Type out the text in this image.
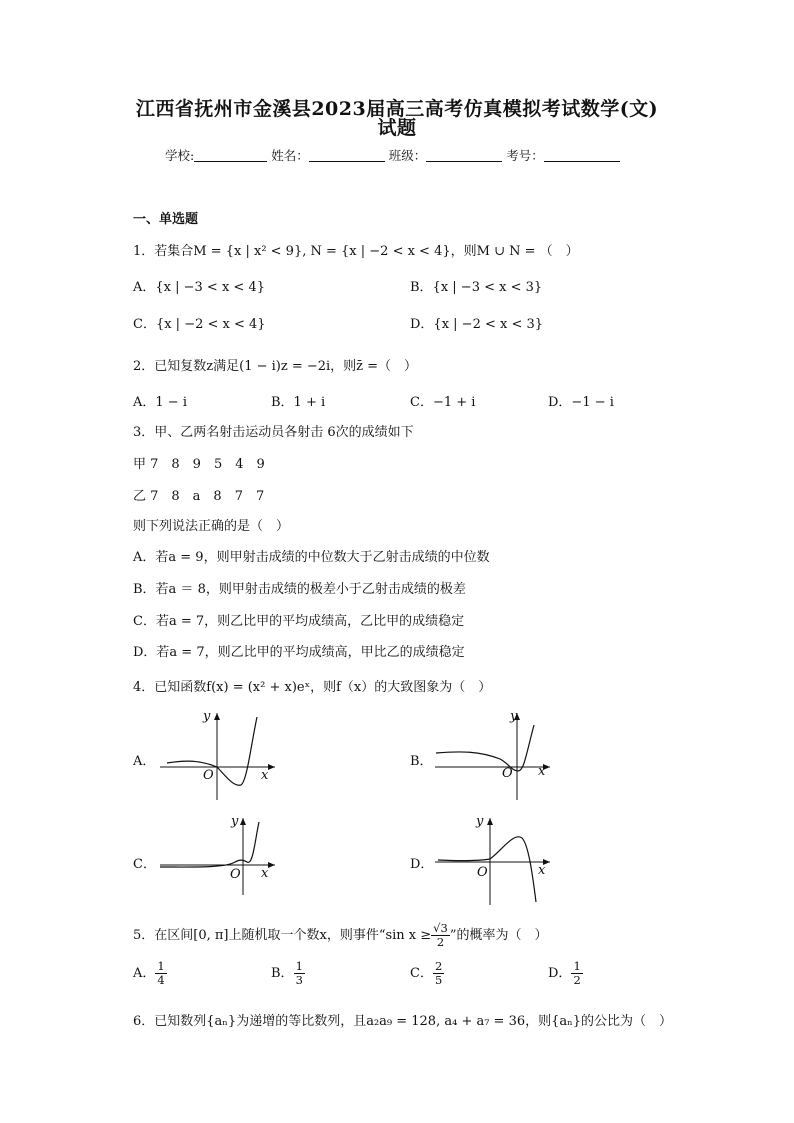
江西省抚州市金溪县2023届高三高考仿真模拟考试数学(文)
试题
学校:	姓名：	班级：	考号：
一、单选题
1．若集合M = {x | x² < 9}, N = {x | −2 < x < 4}，则M ∪ N = （　）
A．{x | −3 < x < 4}	B．{x | −3 < x < 3}
C．{x | −2 < x < 4}	D．{x | −2 < x < 3}
2．已知复数z满足(1 − i)z = −2i，则z̄ =（　）
A．1 − i	B．1 + i	C．−1 + i	D．−1 − i
3．甲、乙两名射击运动员各射击 6次的成绩如下
甲 7　8　9　5　4　9
乙 7　8　a　8　7　7
则下列说法正确的是（　）
A．若a = 9，则甲射击成绩的中位数大于乙射击成绩的中位数
B．若a ＝ 8，则甲射击成绩的极差小于乙射击成绩的极差
C．若a = 7，则乙比甲的平均成绩高，乙比甲的成绩稳定
D．若a = 7，则乙比甲的平均成绩高，甲比乙的成绩稳定
4．已知函数f(x) = (x² + x)eˣ，则f（x）的大致图象为（　）
A．
y
x
O
B．
y
x
O
C．
y
x
O
D．
y
x
O
5．在区间[0, π]上随机取一个数x，则事件“sin $x \ge \frac{√3}{2}$ ”的概率为（　）
A． $\frac{1}{4}$	B． $\frac{1}{3}$	C． $\frac{2}{5}$	D． $\frac{1}{2}$
6．已知数列{aₙ}为递增的等比数列，且a₂a₉ = 128, a₄ + a₇ = 36，则{aₙ}的公比为（　）
